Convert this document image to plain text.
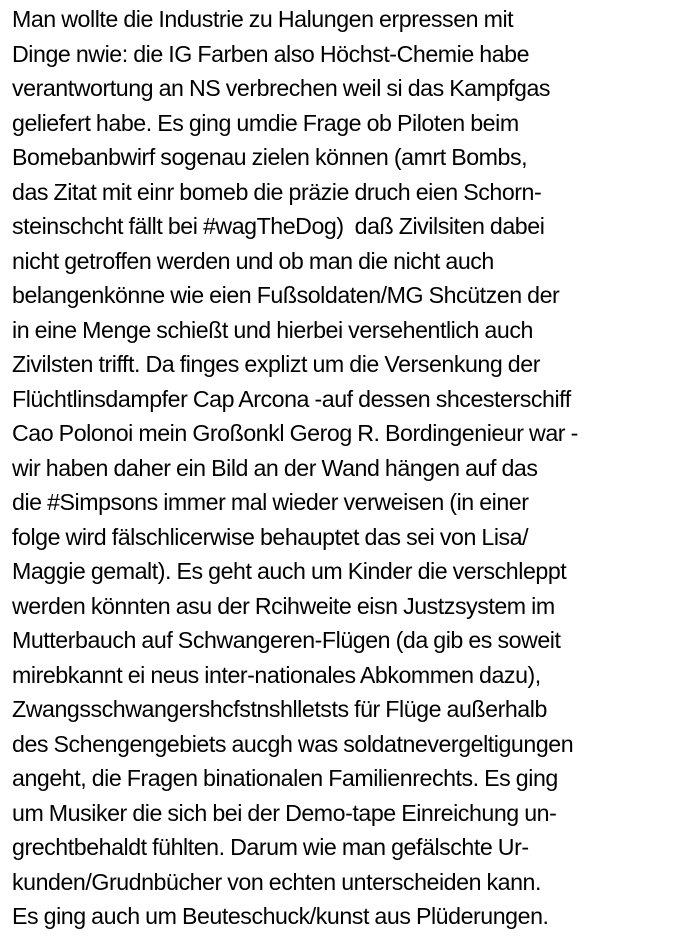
Man wollte die Industrie zu Halungen erpressen mit
Dinge nwie: die IG Farben also Höchst-Chemie habe
verantwortung an NS verbrechen weil si das Kampfgas
geliefert habe. Es ging umdie Frage ob Piloten beim
Bomebanbwirf sogenau zielen können (amrt Bombs,
das Zitat mit einr bomeb die präzie druch eien Schorn-
steinschcht fällt bei #wagTheDog)  daß Zivilsiten dabei
nicht getroffen werden und ob man die nicht auch
belangenkönne wie eien Fußsoldaten/MG Shcützen der
in eine Menge schießt und hierbei versehentlich auch
Zivilsten trifft. Da finges explizt um die Versenkung der
Flüchtlinsdampfer Cap Arcona -auf dessen shcesterschiff
Cao Polonoi mein Großonkl Gerog R. Bordingenieur war -
wir haben daher ein Bild an der Wand hängen auf das
die #Simpsons immer mal wieder verweisen (in einer
folge wird fälschlicerwise behauptet das sei von Lisa/
Maggie gemalt). Es geht auch um Kinder die verschleppt
werden könnten asu der Rcihweite eisn Justzsystem im
Mutterbauch auf Schwangeren-Flügen (da gib es soweit
mirebkannt ei neus inter-nationales Abkommen dazu),
Zwangsschwangershcfstnshlletsts für Flüge außerhalb
des Schengengebiets aucgh was soldatnevergeltigungen
angeht, die Fragen binationalen Familienrechts. Es ging
um Musiker die sich bei der Demo-tape Einreichung un-
grechtbehaldt fühlten. Darum wie man gefälschte Ur-
kunden/Grudnbücher von echten unterscheiden kann.
Es ging auch um Beuteschuck/kunst aus Plüderungen.
